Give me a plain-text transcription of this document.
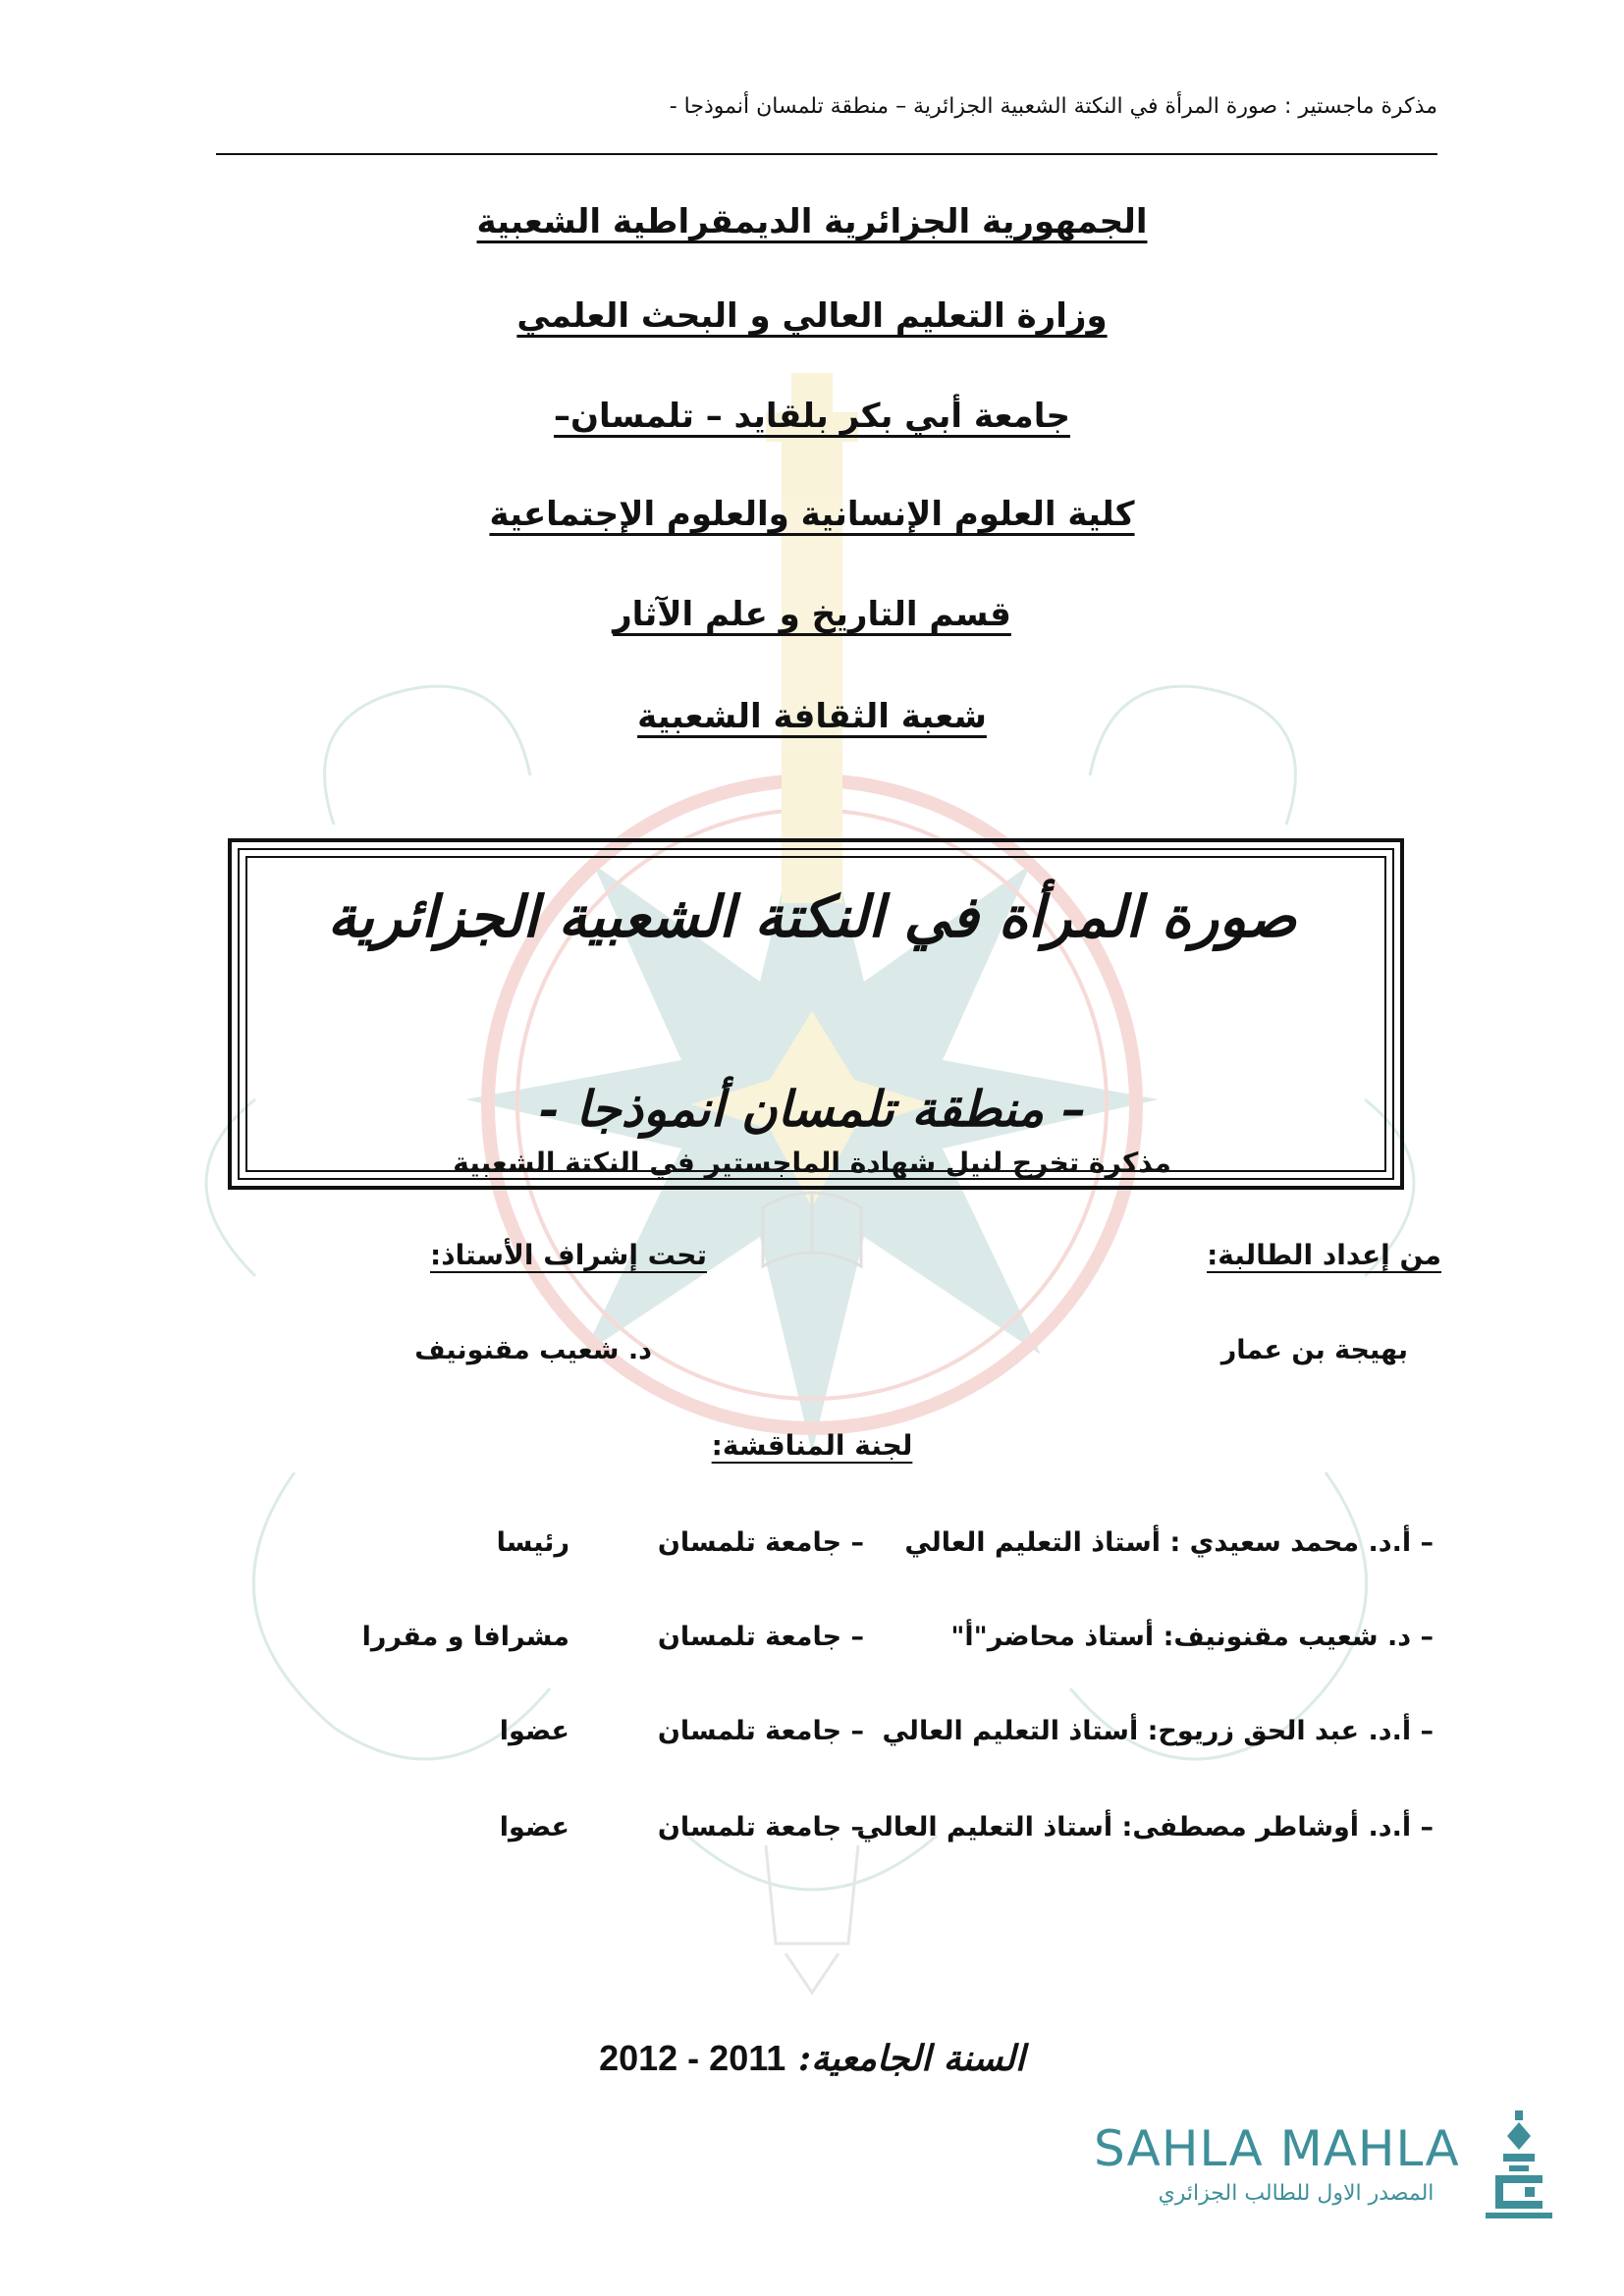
مذكرة ماجستير : صورة المرأة في النكتة الشعبية الجزائرية – منطقة تلمسان أنموذجا -
الجمهورية الجزائرية الديمقراطية الشعبية
وزارة التعليم العالي و البحث العلمي
جامعة أبي بكر بلقايد – تلمسان–
كلية العلوم الإنسانية والعلوم الإجتماعية
قسم التاريخ و علم الآثار
شعبة الثقافة الشعبية
صورة المرأة في النكتة الشعبية الجزائرية
– منطقة تلمسان أنموذجا -
مذكرة تخرج لنيل شهادة الماجستير في النكتة الشعبية
من إعداد الطالبة:
بهيجة بن عمار
تحت إشراف الأستاذ:
د. شعيب مقنونيف
لجنة المناقشة:
– أ.د. محمد سعيدي : أستاذ التعليم العالي
– جامعة تلمسان
رئيسا
– د. شعيب مقنونيف: أستاذ محاضر"أ"
– جامعة تلمسان
مشرافا و مقررا
– أ.د. عبد الحق زريوح: أستاذ التعليم العالي
– جامعة تلمسان
عضوا
– أ.د. أوشاطر مصطفى: أستاذ التعليم العالي
– جامعة تلمسان
عضوا
السنة الجامعية: 2011 - 2012
SAHLA MAHLA
المصدر الاول للطالب الجزائري
